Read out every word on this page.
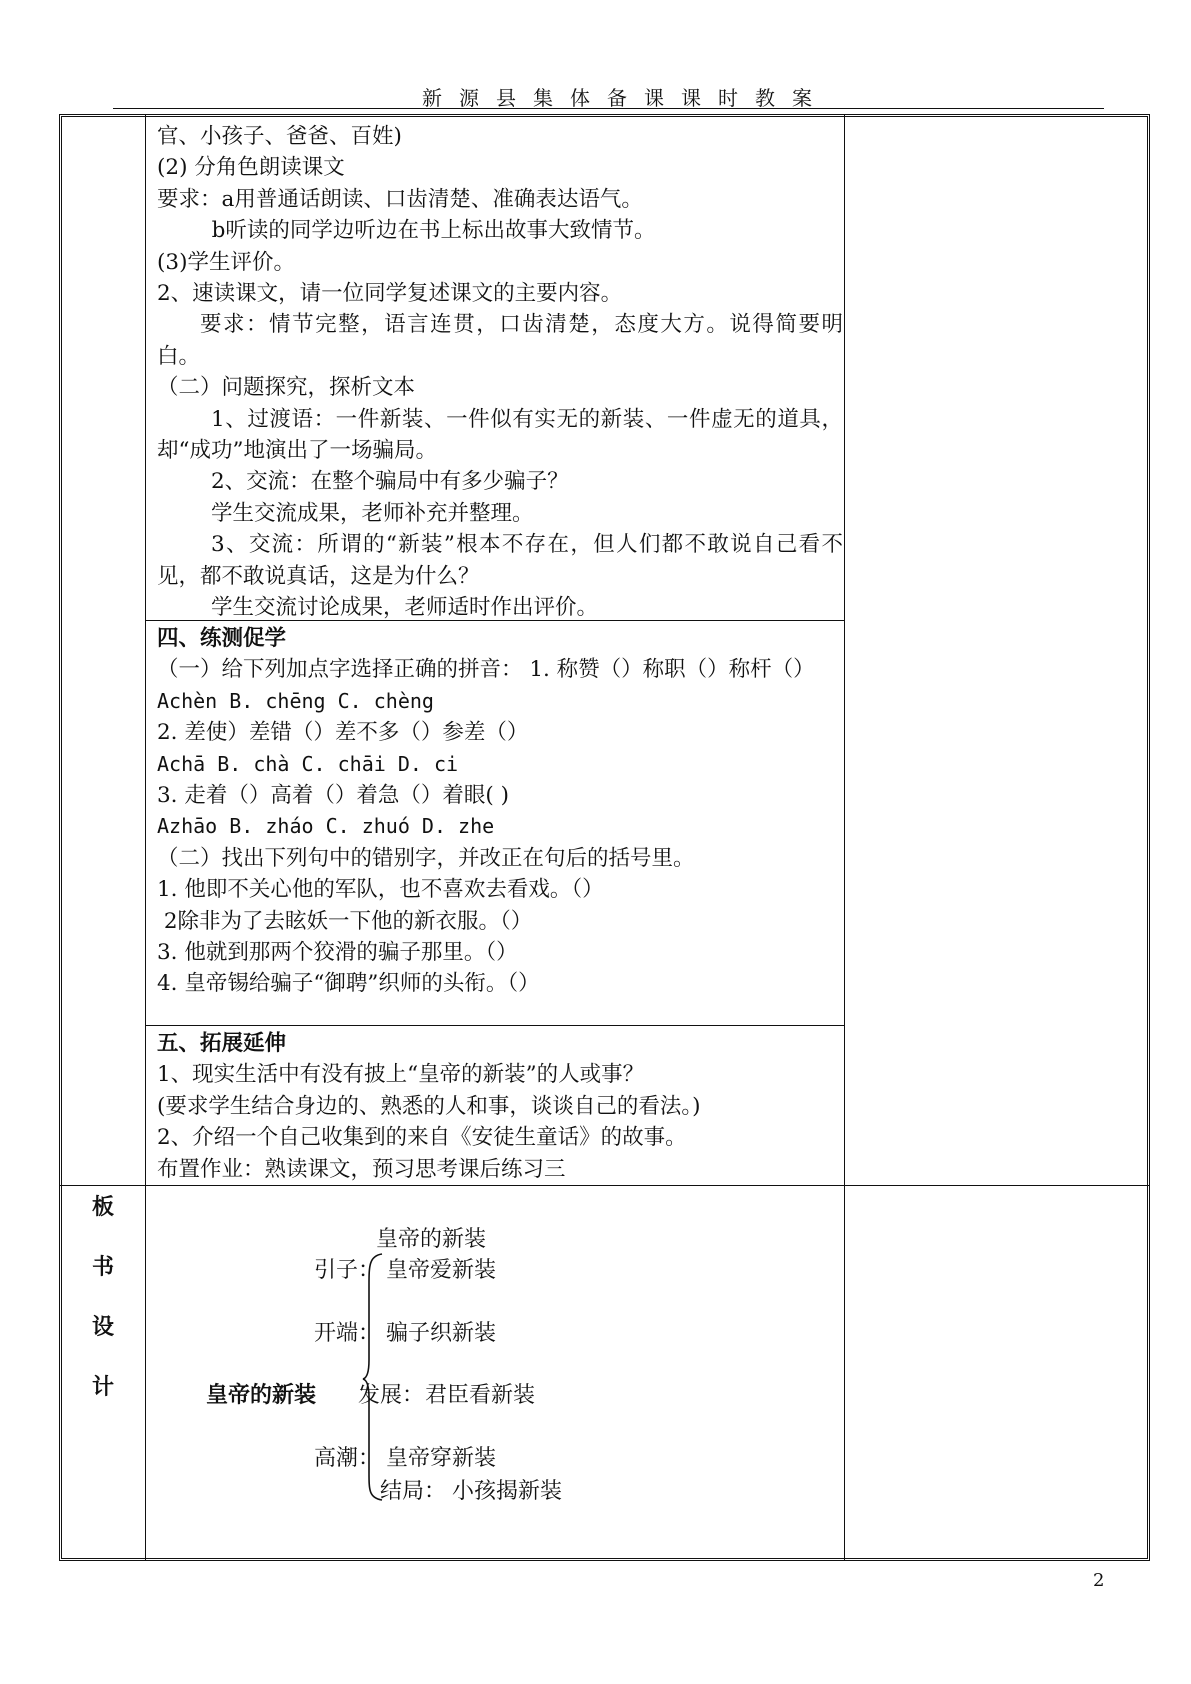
新源县集体备课课时教案

官、小孩子、爸爸、百姓)

(2) 分角色朗读课文

要求：a用普通话朗读、口齿清楚、准确表达语气。

b听读的同学边听边在书上标出故事大致情节。

(3)学生评价。

2、速读课文，请一位同学复述课文的主要内容。

要求：情节完整，语言连贯，口齿清楚，态度大方。说得简要明白。

（二）问题探究，探析文本

1、过渡语：一件新装、一件似有实无的新装、一件虚无的道具，却“成功”地演出了一场骗局。

2、交流：在整个骗局中有多少骗子？

学生交流成果，老师补充并整理。

3、交流：所谓的“新装”根本不存在，但人们都不敢说自己看不见，都不敢说真话，这是为什么？

学生交流讨论成果，老师适时作出评价。

四、练测促学

（一）给下列加点字选择正确的拼音： 1. 称赞（）称职（）称杆（）

Achèn B. chēng C. chèng

2. 差使）差错（）差不多（）参差（）

Achā B. chà C. chāi D. ci

3. 走着（）高着（）着急（）着眼( )

Azhāo B. zháo C. zhuó D. zhe

（二）找出下列句中的错别字，并改正在句后的括号里。

1. 他即不关心他的军队，也不喜欢去看戏。（）

2除非为了去眩妖一下他的新衣服。（）

3. 他就到那两个狡滑的骗子那里。（）

4. 皇帝锡给骗子“御聘”织师的头衔。（）

五、拓展延伸

1、现实生活中有没有披上“皇帝的新装”的人或事？

(要求学生结合身边的、熟悉的人和事，谈谈自己的看法。)

2、介绍一个自己收集到的来自《安徒生童话》的故事。

布置作业：熟读课文，预习思考课后练习三

板
书
设
计
皇帝的新装
皇帝的新装
引子： 皇帝爱新装
开端： 骗子织新装
发展： 君臣看新装
高潮： 皇帝穿新装
结局： 小孩揭新装
2
